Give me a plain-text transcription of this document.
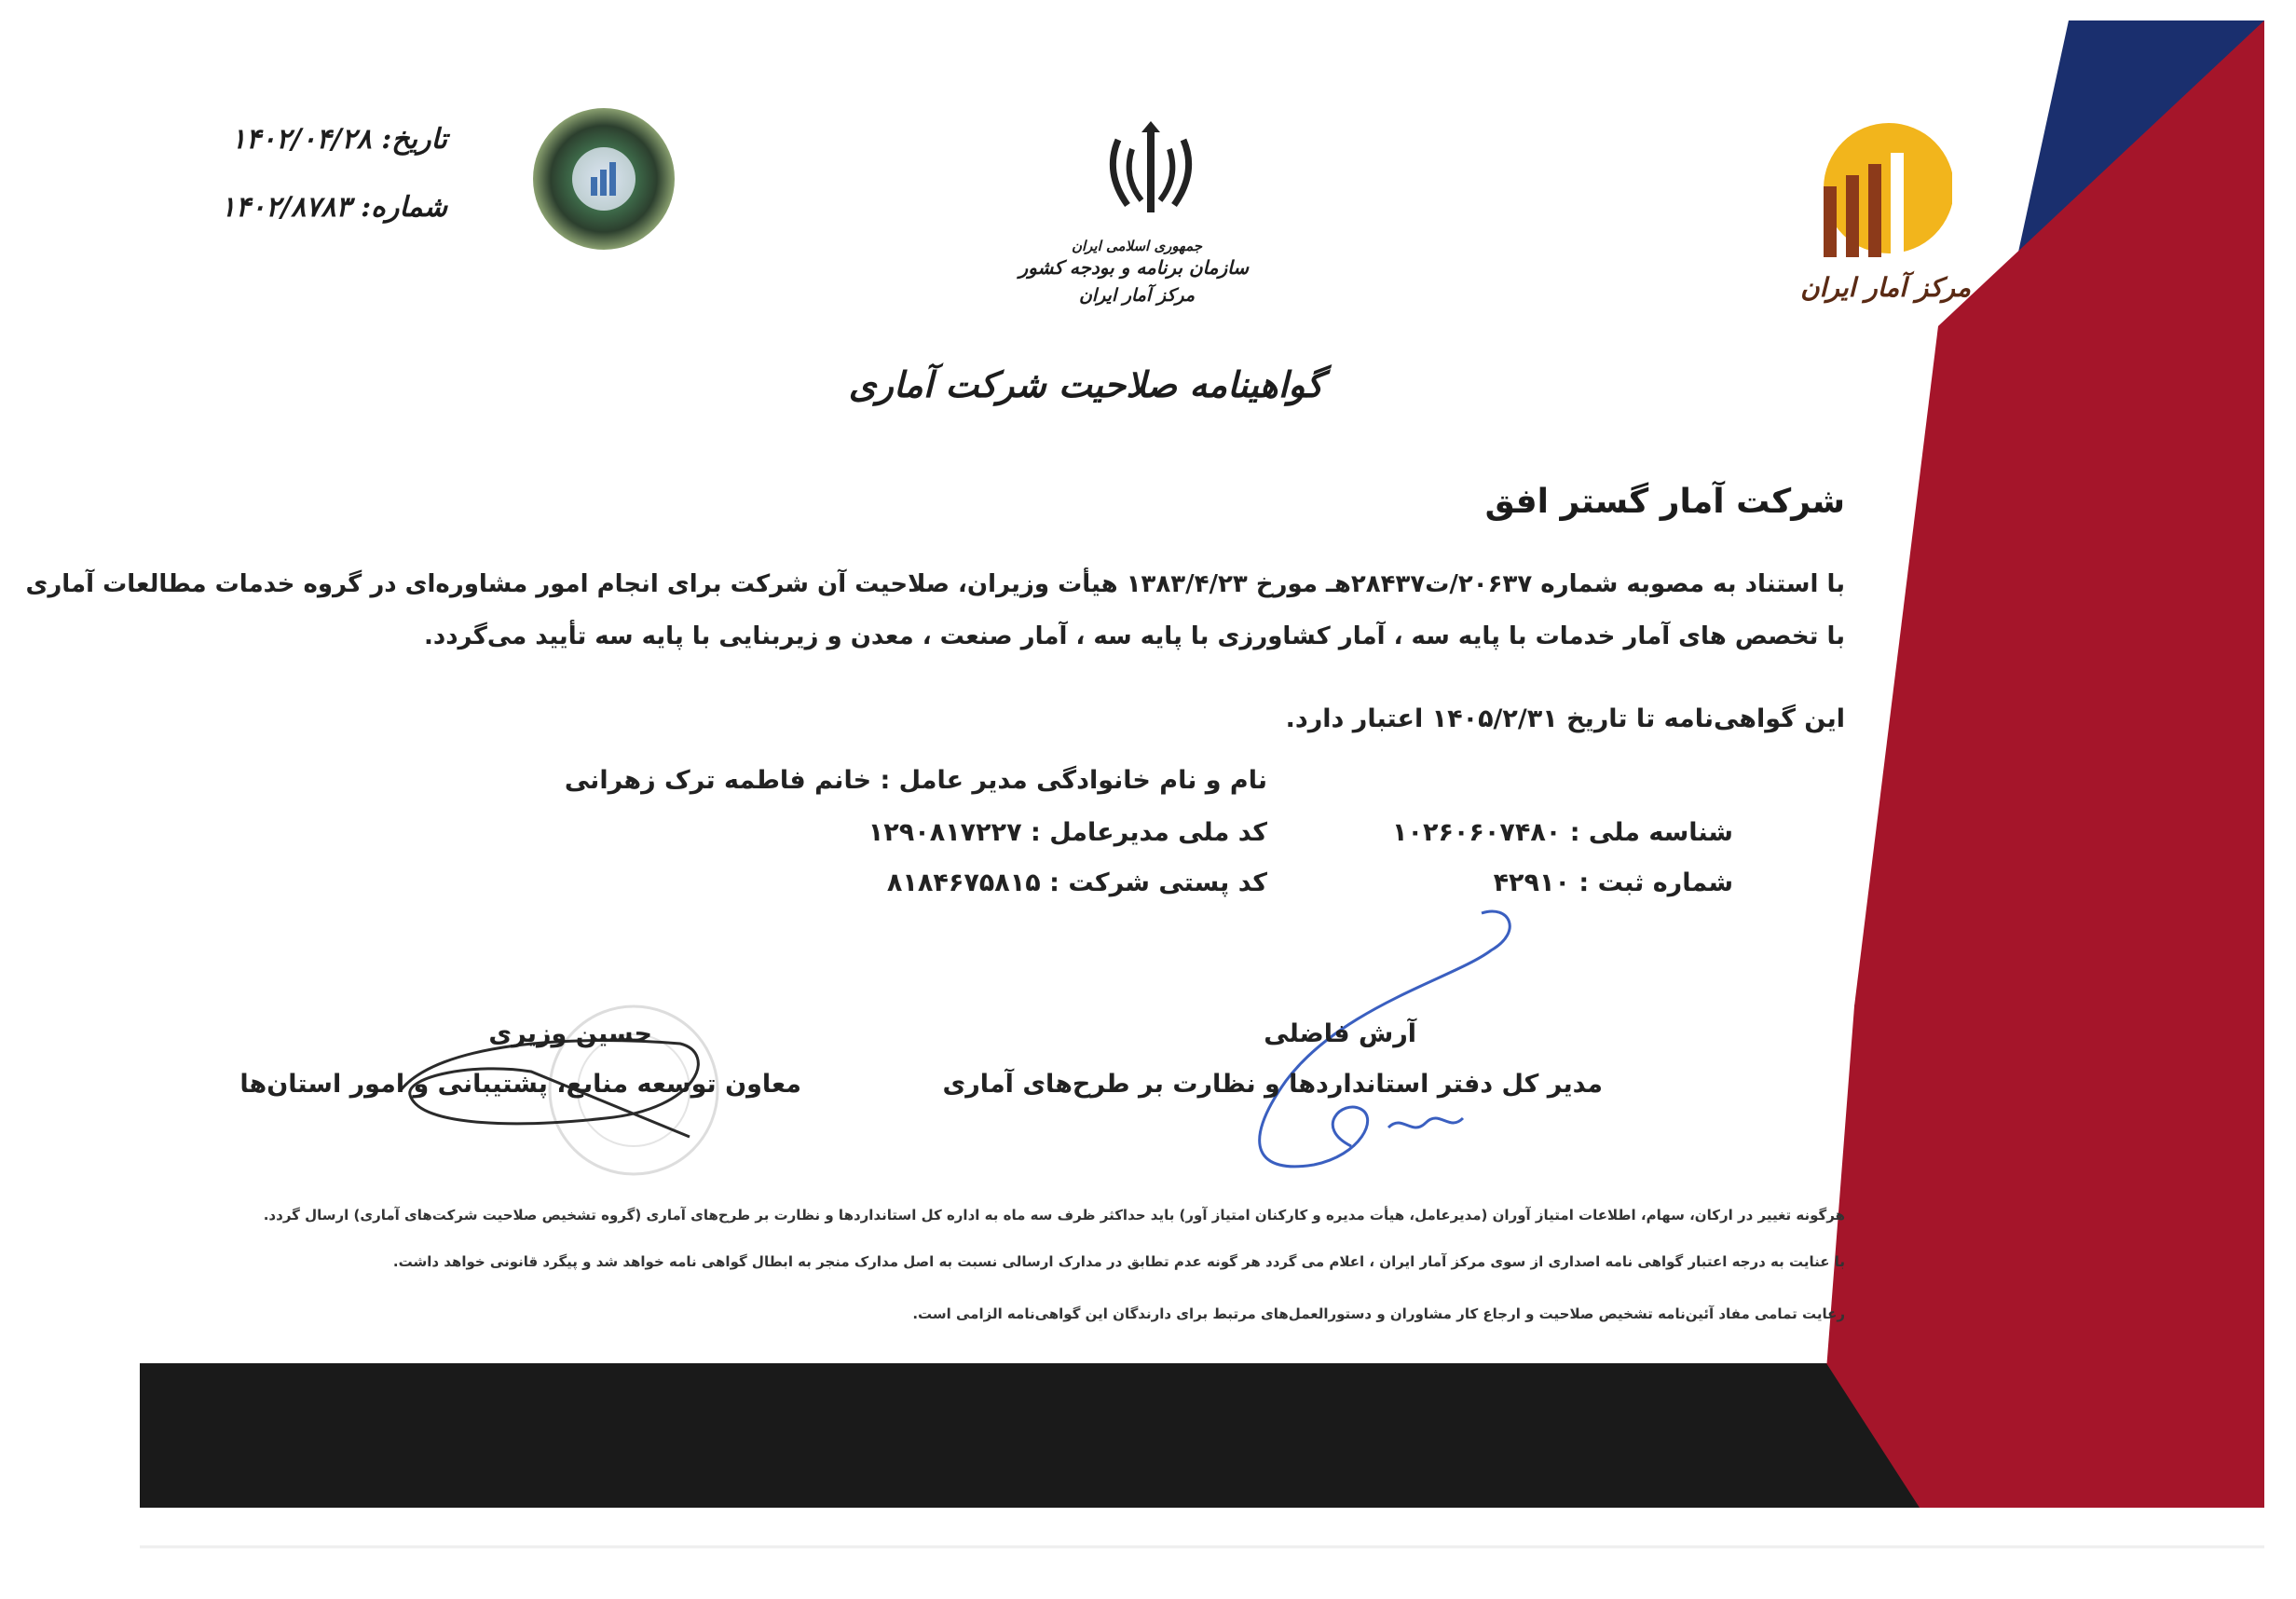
جمهوری اسلامی ایران
سازمان برنامه و بودجه کشور
مرکز آمار ایران
گواهینامه صلاحیت شرکت آماری
مرکز آمار ایران
تاریخ: ۱۴۰۲/۰۴/۲۸
شماره: ۱۴۰۲/۸۷۸۳
شرکت آمار گستر افق
با استناد به مصوبه شماره ۲۰۶۳۷/ت۲۸۴۳۷هـ مورخ ۱۳۸۳/۴/۲۳ هیأت وزیران، صلاحیت آن شرکت برای انجام امور مشاوره‌ای در گروه خدمات مطالعات آماری
با تخصص های آمار خدمات با پایه سه ، آمار کشاورزی با پایه سه ، آمار صنعت ، معدن و زیربنایی با پایه سه تأیید می‌گردد.
این گواهی‌نامه تا تاریخ ۱۴۰۵/۲/۳۱ اعتبار دارد.
نام و نام خانوادگی مدیر عامل : خانم فاطمه ترک زهرانی
شناسه ملی : ۱۰۲۶۰۶۰۷۴۸۰
کد ملی مدیرعامل : ۱۲۹۰۸۱۷۲۲۷
شماره ثبت : ۴۲۹۱۰
کد پستی شرکت : ۸۱۸۴۶۷۵۸۱۵
آرش فاضلی
مدیر کل دفتر استانداردها و نظارت بر طرح‌های آماری
حسین وزیری
معاون توسعه منابع، پشتیبانی و امور استان‌ها
هرگونه تغییر در ارکان، سهام، اطلاعات امتیاز آوران (مدیرعامل، هیأت مدیره و کارکنان امتیاز آور) باید حداکثر ظرف سه ماه به اداره کل استانداردها و نظارت بر طرح‌های آماری (گروه تشخیص صلاحیت شرکت‌های آماری) ارسال گردد.
با عنایت به درجه اعتبار گواهی نامه اصداری از سوی مرکز آمار ایران ، اعلام می گردد هر گونه عدم تطابق در مدارک ارسالی نسبت به اصل مدارک منجر به ابطال گواهی نامه خواهد شد و پیگرد قانونی خواهد داشت.
رعایت تمامی مفاد آئین‌نامه تشخیص صلاحیت و ارجاع کار مشاوران و دستورالعمل‌های مرتبط برای دارندگان این گواهی‌نامه الزامی است.
